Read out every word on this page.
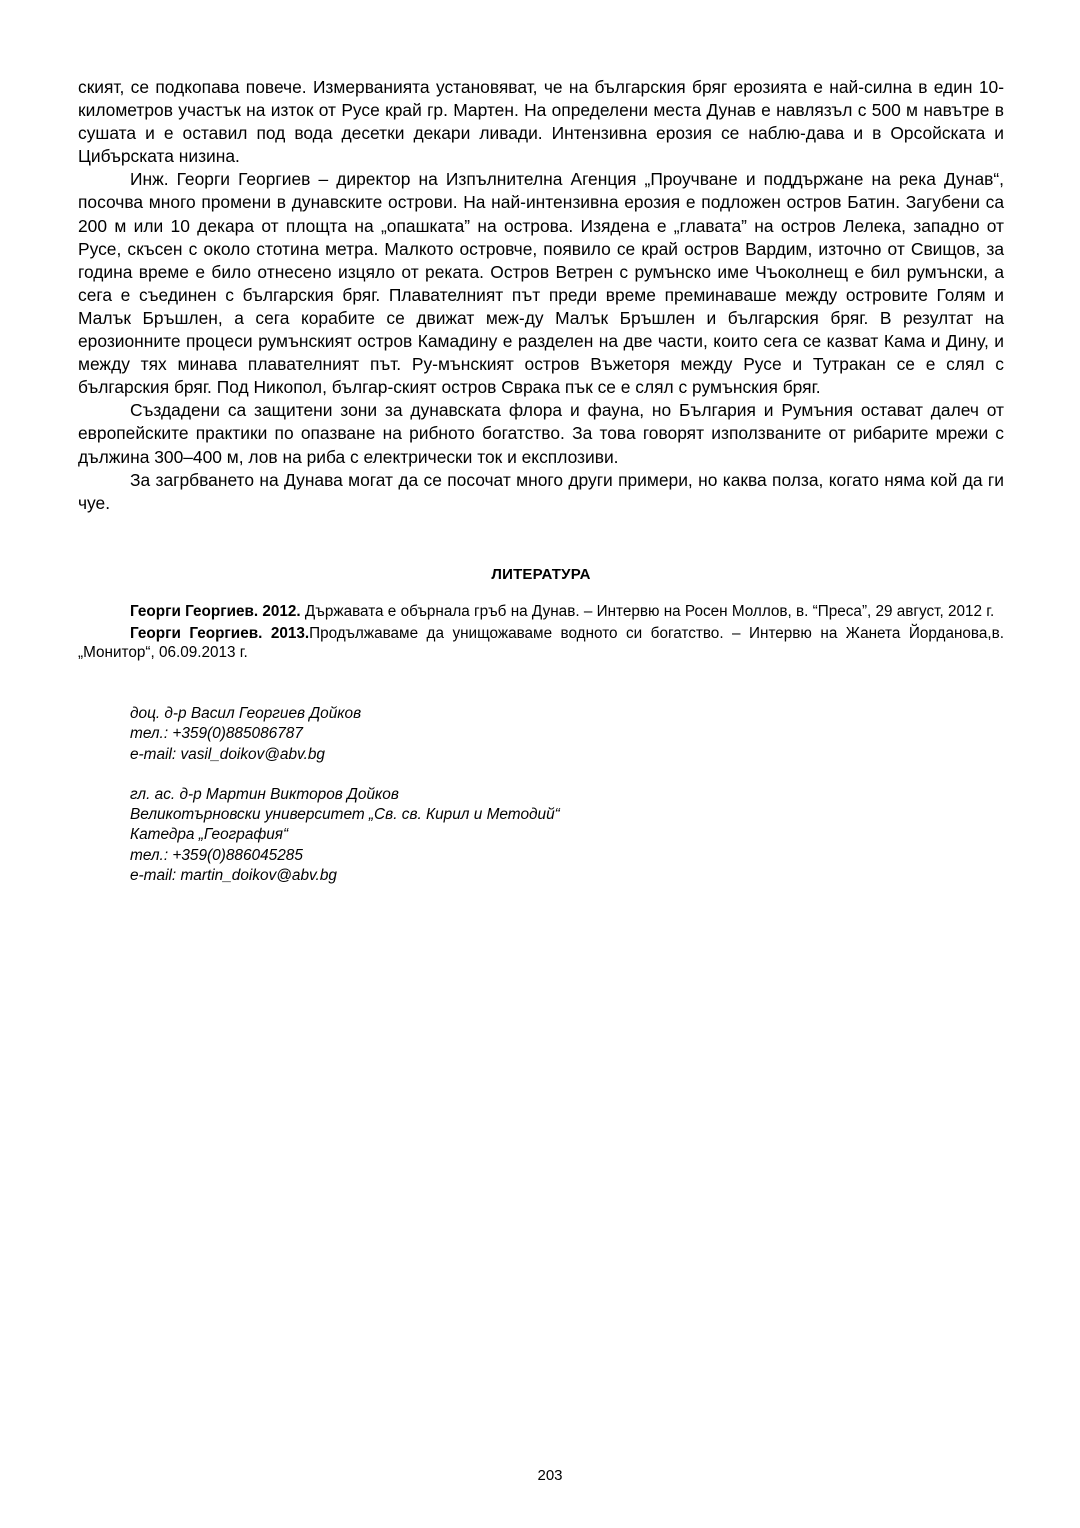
ският, се подкопава повече. Измерванията установяват, че на българския бряг ерозията е най-силна в един 10-километров участък на изток от Русе край гр. Мартен. На определени места Дунав е навлязъл с 500 м навътре в сушата и е оставил под вода десетки декари ливади. Интензивна ерозия се наблю-дава и в Орсойската и Цибърската низина.

Инж. Георги Георгиев – директор на Изпълнителна Агенция „Проучване и поддържане на река Дунав“, посочва много промени в дунавските острови. На най-интензивна ерозия е подложен остров Батин. Загубени са 200 м или 10 декара от площта на „опашката” на острова. Изядена е „главата” на остров Лелека, западно от Русе, скъсен с около стотина метра. Малкото островче, появило се край остров Вардим, източно от Свищов, за година време е било отнесено изцяло от реката. Остров Ветрен с румънско име Чъоколнещ е бил румънски, а сега е съединен с българския бряг. Плавателният път преди време преминаваше между островите Голям и Малък Бръшлен, а сега корабите се движат меж-ду Малък Бръшлен и българския бряг. В резултат на ерозионните процеси румънският остров Камадину е разделен на две части, които сега се казват Кама и Дину, и между тях минава плавателният път. Ру-мънският остров Въжеторя между Русе и Тутракан се е слял с българския бряг. Под Никопол, българ-ският остров Сврака пък се е слял с румънския бряг.

Създадени са защитени зони за дунавската флора и фауна, но България и Румъния остават далеч от европейските практики по опазване на рибното богатство. За това говорят използваните от рибарите мрежи с дължина 300–400 м, лов на риба с електрически ток и експлозиви.

За загрбването на Дунава могат да се посочат много други примери, но каква полза, когато няма кой да ги чуе.

ЛИТЕРАТУРА

Георги Георгиев. 2012. Държавата е обърнала гръб на Дунав. – Интервю на Росен Моллов, в. “Преса”, 29 август, 2012 г.

Георги Георгиев. 2013.Продължаваме да унищожаваме водното си богатство. – Интервю на Жанета Йорданова,в. „Монитор“, 06.09.2013 г.

доц. д-р Васил Георгиев Дойков
тел.: +359(0)885086787
e-mail: vasil_doikov@abv.bg
гл. ас. д-р Мартин Викторов Дойков
Великотърновски университет „Св. св. Кирил и Методий“
Катедра „География“
тел.: +359(0)886045285
e-mail: martin_doikov@abv.bg
203
